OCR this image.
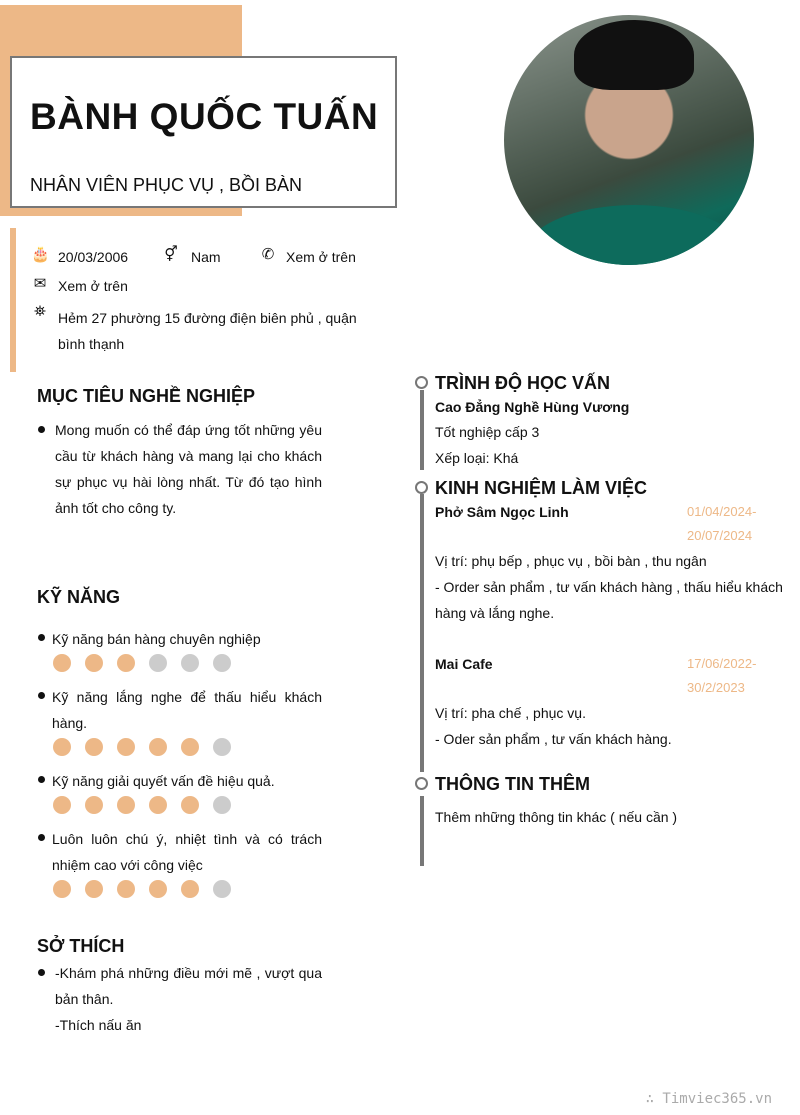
BÀNH QUỐC TUẤN
NHÂN VIÊN PHỤC VỤ , BỒI BÀN
🎂 20/03/2006 ⚥ Nam	✆ Xem ở trên
✉ Xem ở trên
⛯ Hẻm 27 phường 15 đường điện biên phủ , quận bình thạnh
MỤC TIÊU NGHỀ NGHIỆP
Mong muốn có thể đáp ứng tốt những yêu cầu từ khách hàng và mang lại cho khách sự phục vụ hài lòng nhất. Từ đó tạo hình ảnh tốt cho công ty.
KỸ NĂNG
Kỹ năng bán hàng chuyên nghiệp
Kỹ năng lắng nghe để thấu hiểu khách hàng.
Kỹ năng giải quyết vấn đề hiệu quả.
Luôn luôn chú ý, nhiệt tình và có trách nhiệm cao với công việc
SỞ THÍCH
-Khám phá những điều mới mẽ , vượt qua bản thân.
-Thích nấu ăn
TRÌNH ĐỘ HỌC VẤN
Cao Đẳng Nghề Hùng Vương
Tốt nghiệp cấp 3
Xếp loại: Khá
KINH NGHIỆM LÀM VIỆC
Phở Sâm Ngọc Linh	01/04/2024-
20/07/2024
Vị trí: phụ bếp , phục vụ , bồi bàn , thu ngân
- Order sản phẩm , tư vấn khách hàng , thấu hiểu khách hàng và lắng nghe.
Mai Cafe	17/06/2022-
30/2/2023
Vị trí: pha chế , phục vụ.
- Oder sản phẩm , tư vấn khách hàng.
THÔNG TIN THÊM
Thêm những thông tin khác ( nếu cần )
∴ Timviec365.vn
